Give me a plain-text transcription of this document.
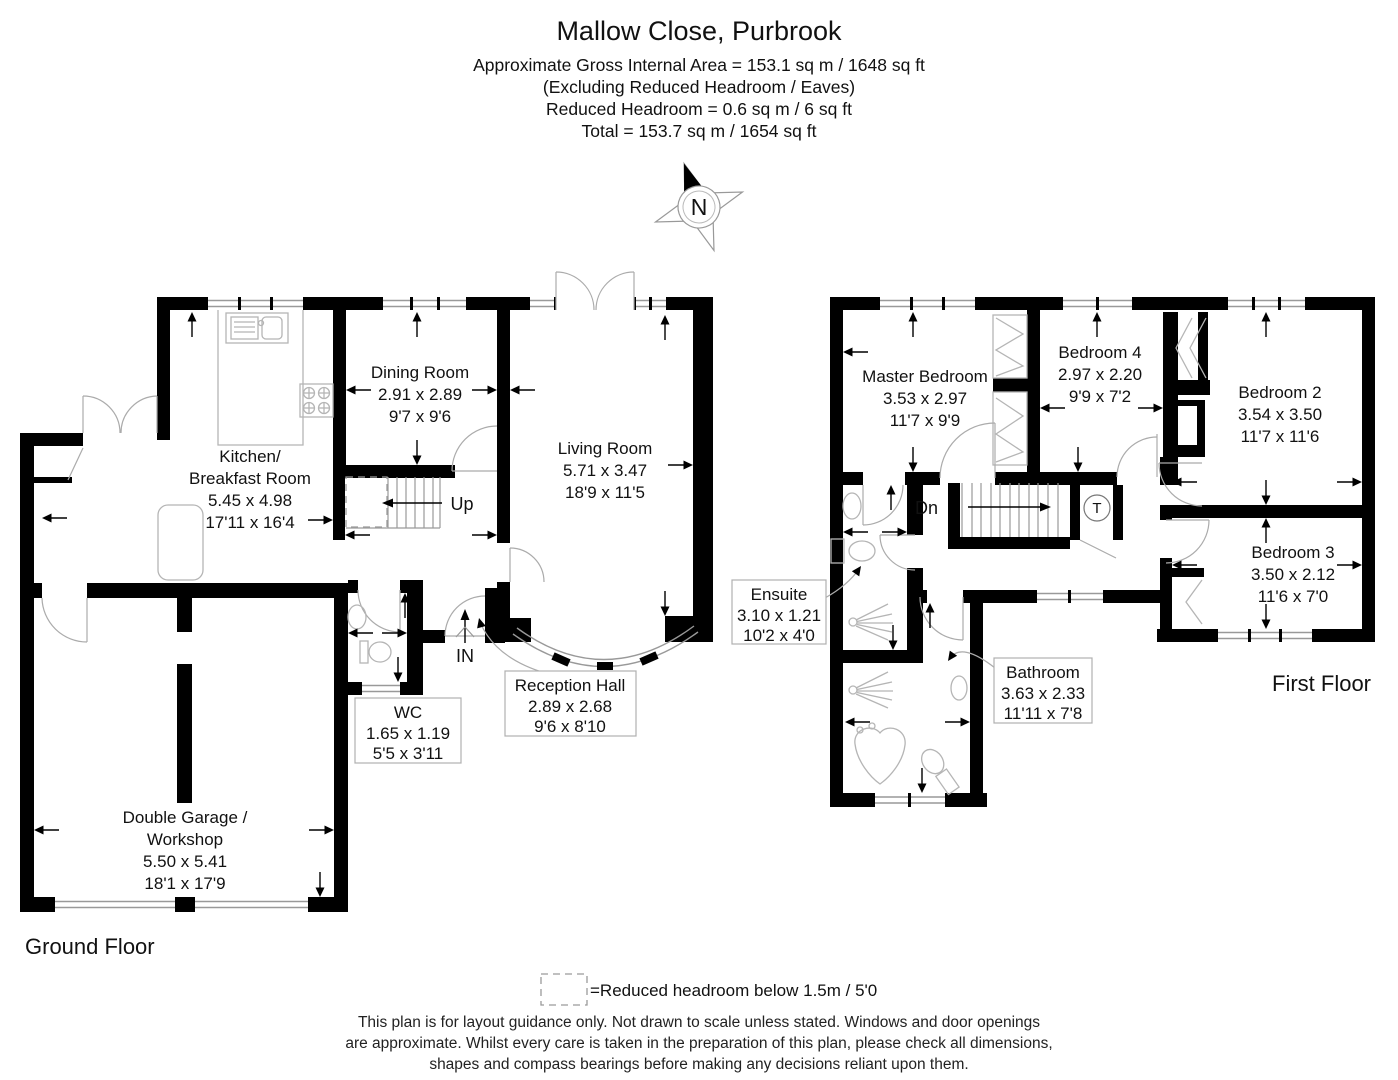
Mallow Close, Purbrook
Approximate Gross Internal Area = 153.1 sq m / 1648 sq ft
(Excluding Reduced Headroom / Eaves)
Reduced Headroom = 0.6 sq m / 6 sq ft
Total = 153.7 sq m / 1654 sq ft
N
Up
IN
Kitchen/
Breakfast Room
5.45 x 4.98
17'11 x 16'4
Dining Room
2.91 x 2.89
9'7 x 9'6
Living Room
5.71 x 3.47
18'9 x 11'5
Double Garage /
Workshop
5.50 x 5.41
18'1 x 17'9
Reception Hall
2.89 x 2.68
9'6 x 8'10
WC
1.65 x 1.19
5'5 x 3'11
Ground Floor
Dn	T
Master Bedroom
3.53 x 2.97
11'7 x 9'9
Bedroom 4
2.97 x 2.20
9'9 x 7'2	Bedroom 2
3.54 x 3.50
11'7 x 11'6
Bedroom 3
3.50 x 2.12
11'6 x 7'0
Ensuite
3.10 x 1.21
10'2 x 4'0
Bathroom
3.63 x 2.33
11'11 x 7'8
First Floor
=Reduced headroom below 1.5m / 5'0
This plan is for layout guidance only. Not drawn to scale unless stated. Windows and door openings
are approximate. Whilst every care is taken in the preparation of this plan, please check all dimensions,
shapes and compass bearings before making any decisions reliant upon them.
